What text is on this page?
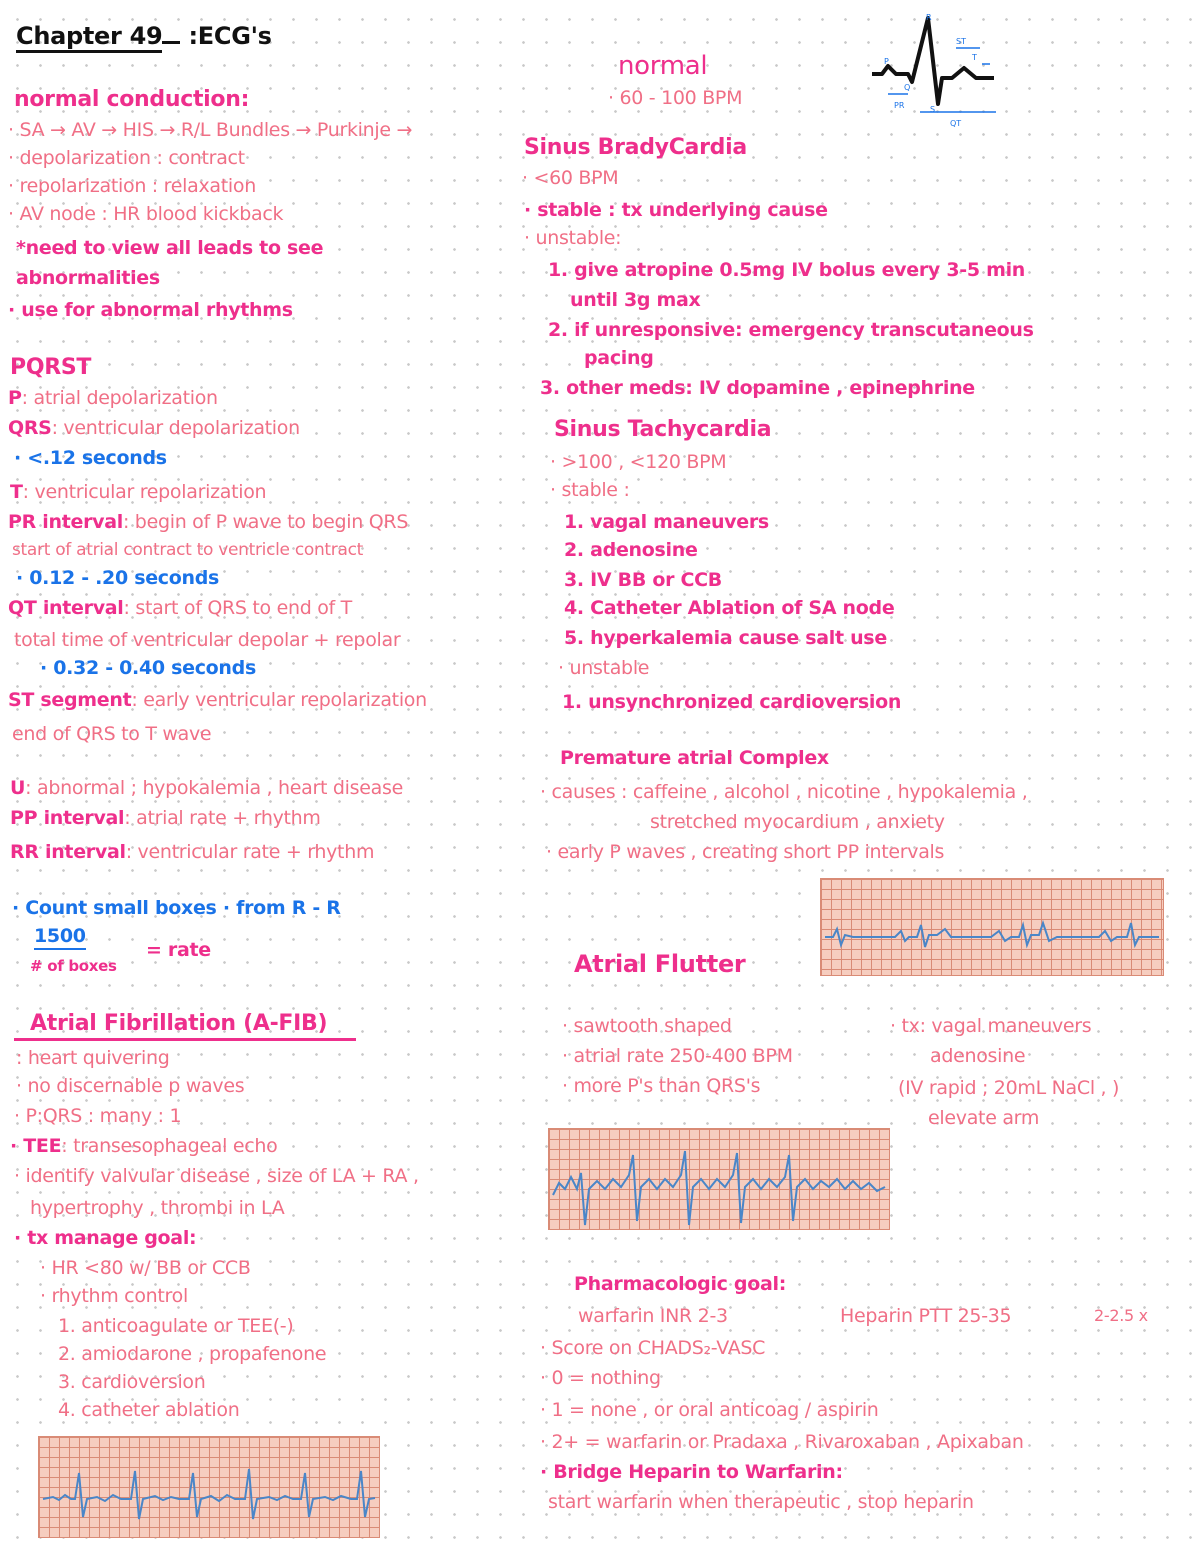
Chapter 49 :ECG's
normal conduction:
· SA → AV → HIS → R/L Bundles → Purkinje →
· depolarization : contract
· repolarization : relaxation
· AV node : HR blood kickback
*need to view all leads to see
abnormalities
· use for abnormal rhythms
PQRST
P: atrial depolarization
QRS: ventricular depolarization
· <.12 seconds
T: ventricular repolarization
PR interval: begin of P wave to begin QRS
start of atrial contract to ventricle contract
· 0.12 - .20 seconds
QT interval: start of QRS to end of T
total time of ventricular depolar + repolar
· 0.32 - 0.40 seconds
ST segment: early ventricular repolarization
end of QRS to T wave
U: abnormal ; hypokalemia , heart disease
PP interval: atrial rate + rhythm
RR interval: ventricular rate + rhythm
· Count small boxes · from R - R
1500
# of boxes
= rate
Atrial Fibrillation (A-FIB)
: heart quivering
· no discernable p waves
· P:QRS : many : 1
· TEE: transesophageal echo
· identify valvular disease , size of LA + RA ,
hypertrophy , thrombi in LA
· tx manage goal:
· HR <80 w/ BB or CCB
· rhythm control
1. anticoagulate or TEE(-)
2. amiodarone , propafenone
3. cardioversion
4. catheter ablation
normal
· 60 - 100 BPM
ST
P	T
PR
QT
R
Q
S
Sinus BradyCardia
· <60 BPM
· stable : tx underlying cause
· unstable:
1. give atropine 0.5mg IV bolus every 3-5 min
until 3g max
2. if unresponsive: emergency transcutaneous
pacing
3. other meds: IV dopamine , epinephrine
Sinus Tachycardia
· >100 , <120 BPM
· stable :
1. vagal maneuvers
2. adenosine
3. IV BB or CCB
4. Catheter Ablation of SA node
5. hyperkalemia cause salt use
· unstable
1. unsynchronized cardioversion
Premature atrial Complex
· causes : caffeine , alcohol , nicotine , hypokalemia ,
stretched myocardium , anxiety
· early P waves , creating short PP intervals
Atrial Flutter
· sawtooth shaped
· atrial rate 250-400 BPM
· more P's than QRS's
· tx: vagal maneuvers
adenosine
(IV rapid ; 20mL NaCl , )
elevate arm
Pharmacologic goal:
warfarin INR 2-3	Heparin PTT 25-35	2-2.5 x
· Score on CHADS₂-VASC
· 0 = nothing
· 1 = none , or oral anticoag / aspirin
· 2+ = warfarin or Pradaxa , Rivaroxaban , Apixaban
· Bridge Heparin to Warfarin:
start warfarin when therapeutic , stop heparin
